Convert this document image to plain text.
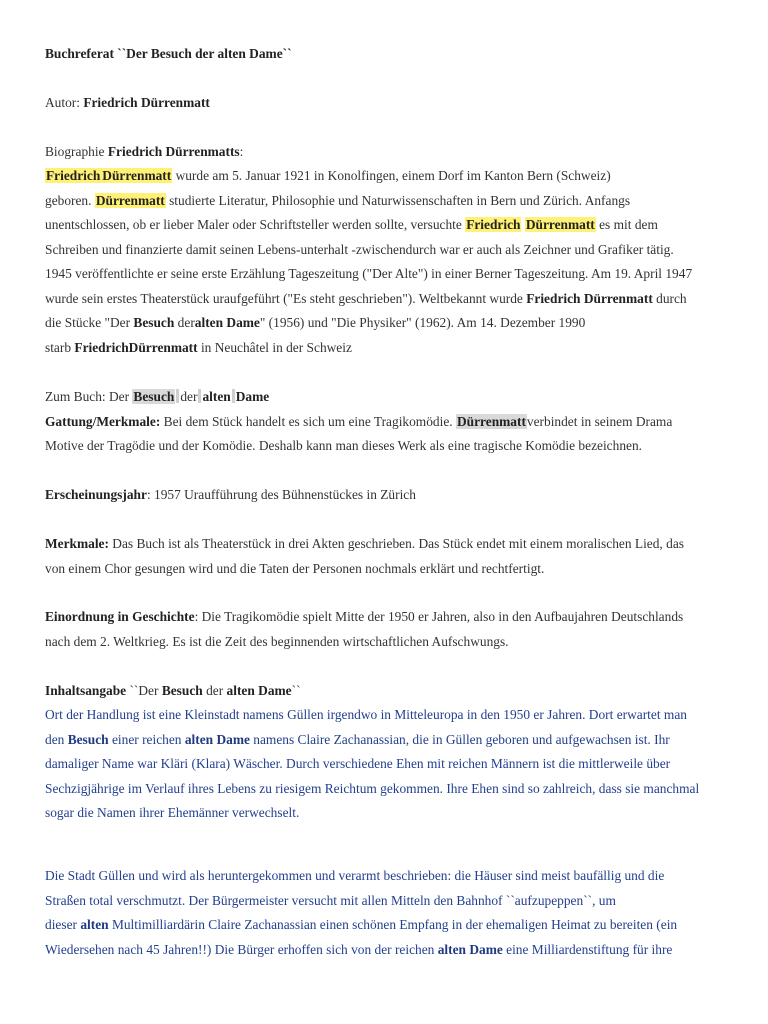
Buchreferat ``Der Besuch der alten Dame``

Autor: Friedrich Dürrenmatt

Biographie Friedrich Dürrenmatts:

Friedrich Dürrenmatt wurde am 5. Januar 1921 in Konolfingen, einem Dorf im Kanton Bern (Schweiz)
geboren. Dürrenmatt studierte Literatur, Philosophie und Naturwissenschaften in Bern und Zürich. Anfangs
unentschlossen, ob er lieber Maler oder Schriftsteller werden sollte, versuchte Friedrich Dürrenmatt es mit dem
Schreiben und finanzierte damit seinen Lebens-unterhalt -zwischendurch war er auch als Zeichner und Grafiker tätig.
1945 veröffentlichte er seine erste Erzählung Tageszeitung ("Der Alte") in einer Berner Tageszeitung. Am 19. April 1947
wurde sein erstes Theaterstück uraufgeführt ("Es steht geschrieben"). Weltbekannt wurde Friedrich Dürrenmatt durch
die Stücke "Der Besuch deralten Dame" (1956) und "Die Physiker" (1962). Am 14. Dezember 1990
starb FriedrichDürrenmatt in Neuchâtel in der Schweiz

Zum Buch: Der Besuch der alten Dame
Gattung/Merkmale: Bei dem Stück handelt es sich um eine Tragikomödie. Dürrenmattverbindet in seinem Drama
Motive der Tragödie und der Komödie. Deshalb kann man dieses Werk als eine tragische Komödie bezeichnen.

Erscheinungsjahr: 1957 Uraufführung des Bühnenstückes in Zürich

Merkmale: Das Buch ist als Theaterstück in drei Akten geschrieben. Das Stück endet mit einem moralischen Lied, das
von einem Chor gesungen wird und die Taten der Personen nochmals erklärt und rechtfertigt.

Einordnung in Geschichte: Die Tragikomödie spielt Mitte der 1950 er Jahren, also in den Aufbaujahren Deutschlands
nach dem 2. Weltkrieg. Es ist die Zeit des beginnenden wirtschaftlichen Aufschwungs.

Inhaltsangabe ``Der Besuch der alten Dame``

Ort der Handlung ist eine Kleinstadt namens Güllen irgendwo in Mitteleuropa in den 1950 er Jahren. Dort erwartet man
den Besuch einer reichen alten Dame namens Claire Zachanassian, die in Güllen geboren und aufgewachsen ist. Ihr
damaliger Name war Kläri (Klara) Wäscher. Durch verschiedene Ehen mit reichen Männern ist die mittlerweile über
Sechzigjährige im Verlauf ihres Lebens zu riesigem Reichtum gekommen. Ihre Ehen sind so zahlreich, dass sie manchmal
sogar die Namen ihrer Ehemänner verwechselt.

Die Stadt Güllen und wird als heruntergekommen und verarmt beschrieben: die Häuser sind meist baufällig und die
Straßen total verschmutzt. Der Bürgermeister versucht mit allen Mitteln den Bahnhof ``aufzupeppen``, um
dieser alten Multimilliardärin Claire Zachanassian einen schönen Empfang in der ehemaligen Heimat zu bereiten (ein
Wiedersehen nach 45 Jahren!!) Die Bürger erhoffen sich von der reichen alten Dame eine Milliardenstiftung für ihre
